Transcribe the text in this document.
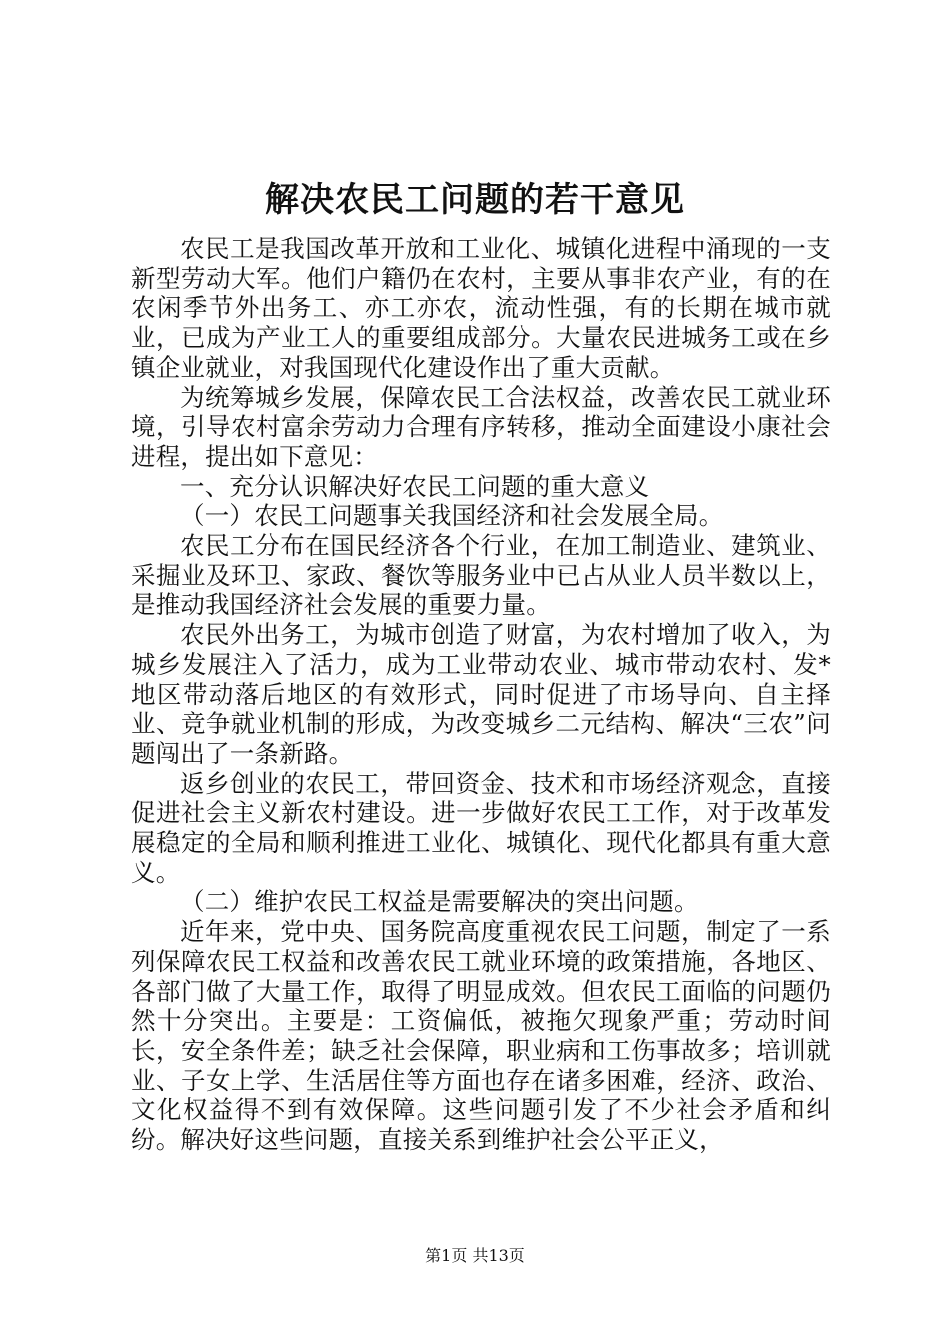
解决农民工问题的若干意见

农民工是我国改革开放和工业化、城镇化进程中涌现的一支新型劳动大军。他们户籍仍在农村，主要从事非农产业，有的在农闲季节外出务工、亦工亦农，流动性强，有的长期在城市就业，已成为产业工人的重要组成部分。大量农民进城务工或在乡镇企业就业，对我国现代化建设作出了重大贡献。

为统筹城乡发展，保障农民工合法权益，改善农民工就业环境，引导农村富余劳动力合理有序转移，推动全面建设小康社会进程，提出如下意见：

一、充分认识解决好农民工问题的重大意义

（一）农民工问题事关我国经济和社会发展全局。

农民工分布在国民经济各个行业，在加工制造业、建筑业、采掘业及环卫、家政、餐饮等服务业中已占从业人员半数以上，是推动我国经济社会发展的重要力量。

农民外出务工，为城市创造了财富，为农村增加了收入，为城乡发展注入了活力，成为工业带动农业、城市带动农村、发*地区带动落后地区的有效形式，同时促进了市场导向、自主择业、竞争就业机制的形成，为改变城乡二元结构、解决“三农”问题闯出了一条新路。

返乡创业的农民工，带回资金、技术和市场经济观念，直接促进社会主义新农村建设。进一步做好农民工工作，对于改革发展稳定的全局和顺利推进工业化、城镇化、现代化都具有重大意义。

（二）维护农民工权益是需要解决的突出问题。

近年来，党中央、国务院高度重视农民工问题，制定了一系列保障农民工权益和改善农民工就业环境的政策措施，各地区、各部门做了大量工作，取得了明显成效。但农民工面临的问题仍然十分突出。主要是：工资偏低，被拖欠现象严重；劳动时间长，安全条件差；缺乏社会保障，职业病和工伤事故多；培训就业、子女上学、生活居住等方面也存在诸多困难，经济、政治、文化权益得不到有效保障。这些问题引发了不少社会矛盾和纠纷。解决好这些问题，直接关系到维护社会公平正义，

第1页 共13页
